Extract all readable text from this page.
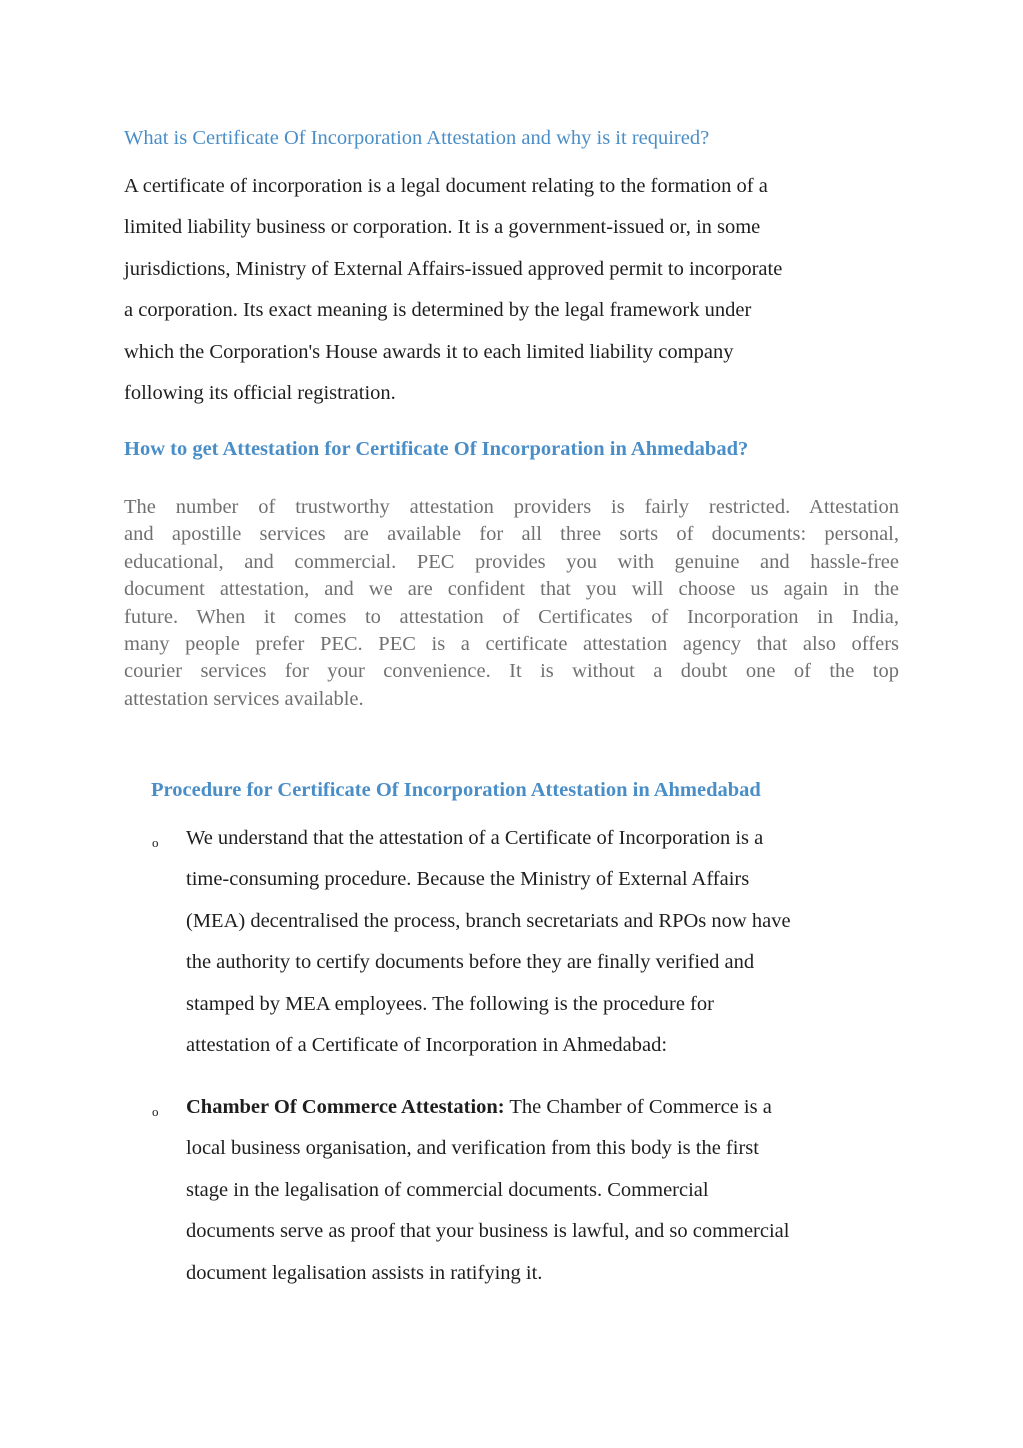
What is Certificate Of Incorporation Attestation and why is it required?

A certificate of incorporation is a legal document relating to the formation of a
limited liability business or corporation. It is a government-issued or, in some
jurisdictions, Ministry of External Affairs-issued approved permit to incorporate
a corporation. Its exact meaning is determined by the legal framework under
which the Corporation's House awards it to each limited liability company
following its official registration.

How to get Attestation for Certificate Of Incorporation in Ahmedabad?

The number of trustworthy attestation providers is fairly restricted. Attestation
and apostille services are available for all three sorts of documents: personal,
educational, and commercial. PEC provides you with genuine and hassle-free
document attestation, and we are confident that you will choose us again in the
future. When it comes to attestation of Certificates of Incorporation in India,
many people prefer PEC. PEC is a certificate attestation agency that also offers
courier services for your convenience. It is without a doubt one of the top
attestation services available.

Procedure for Certificate Of Incorporation Attestation in Ahmedabad
o We understand that the attestation of a Certificate of Incorporation is a
time-consuming procedure. Because the Ministry of External Affairs
(MEA) decentralised the process, branch secretariats and RPOs now have
the authority to certify documents before they are finally verified and
stamped by MEA employees. The following is the procedure for
attestation of a Certificate of Incorporation in Ahmedabad:
o Chamber Of Commerce Attestation: The Chamber of Commerce is a
local business organisation, and verification from this body is the first
stage in the legalisation of commercial documents. Commercial
documents serve as proof that your business is lawful, and so commercial
document legalisation assists in ratifying it.
